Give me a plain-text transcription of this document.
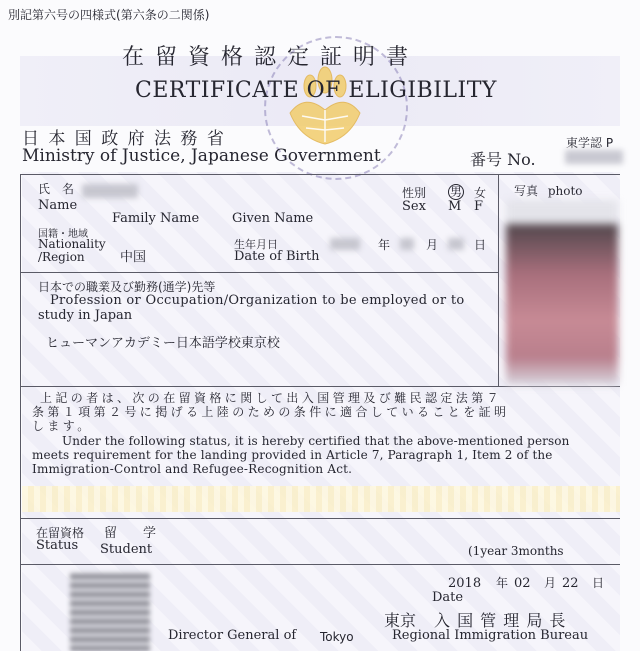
別記第六号の四様式(第六条の二関係)
在 留 資 格 認 定 証 明 書
CERTIFICATE OF ELIGIBILITY
日 本 国 政 府 法 務 省
Ministry of Justice, Japanese Government
東学認 P
番号 No.
氏　名
Name
Family Name	Given Name
性別 男 女
Sex M F
写真 photo
国籍・地域
Nationality
/Region	中国
生年月日
Date of Birth
年	月	日
日本での職業及び勤務(通学)先等
Profession or Occupation/Organization to be employed or to
study in Japan
ヒューマンアカデミー日本語学校東京校
上記の者は、次の在留資格に関して出入国管理及び難民認定法第７
条第１項第２号に掲げる上陸のための条件に適合していることを証明
します。
Under the following status, it is hereby certified that the above-mentioned person
meets requirement for the landing provided in Article 7, Paragraph 1, Item 2 of the
Immigration-Control and Refugee-Recognition Act.
在留資格
Status
留　　学
Student	(1year 3months
2018 年 02 月 22 日
Date
Director General of Tokyo
東京 入 国 管 理 局 長
Regional Immigration Bureau
